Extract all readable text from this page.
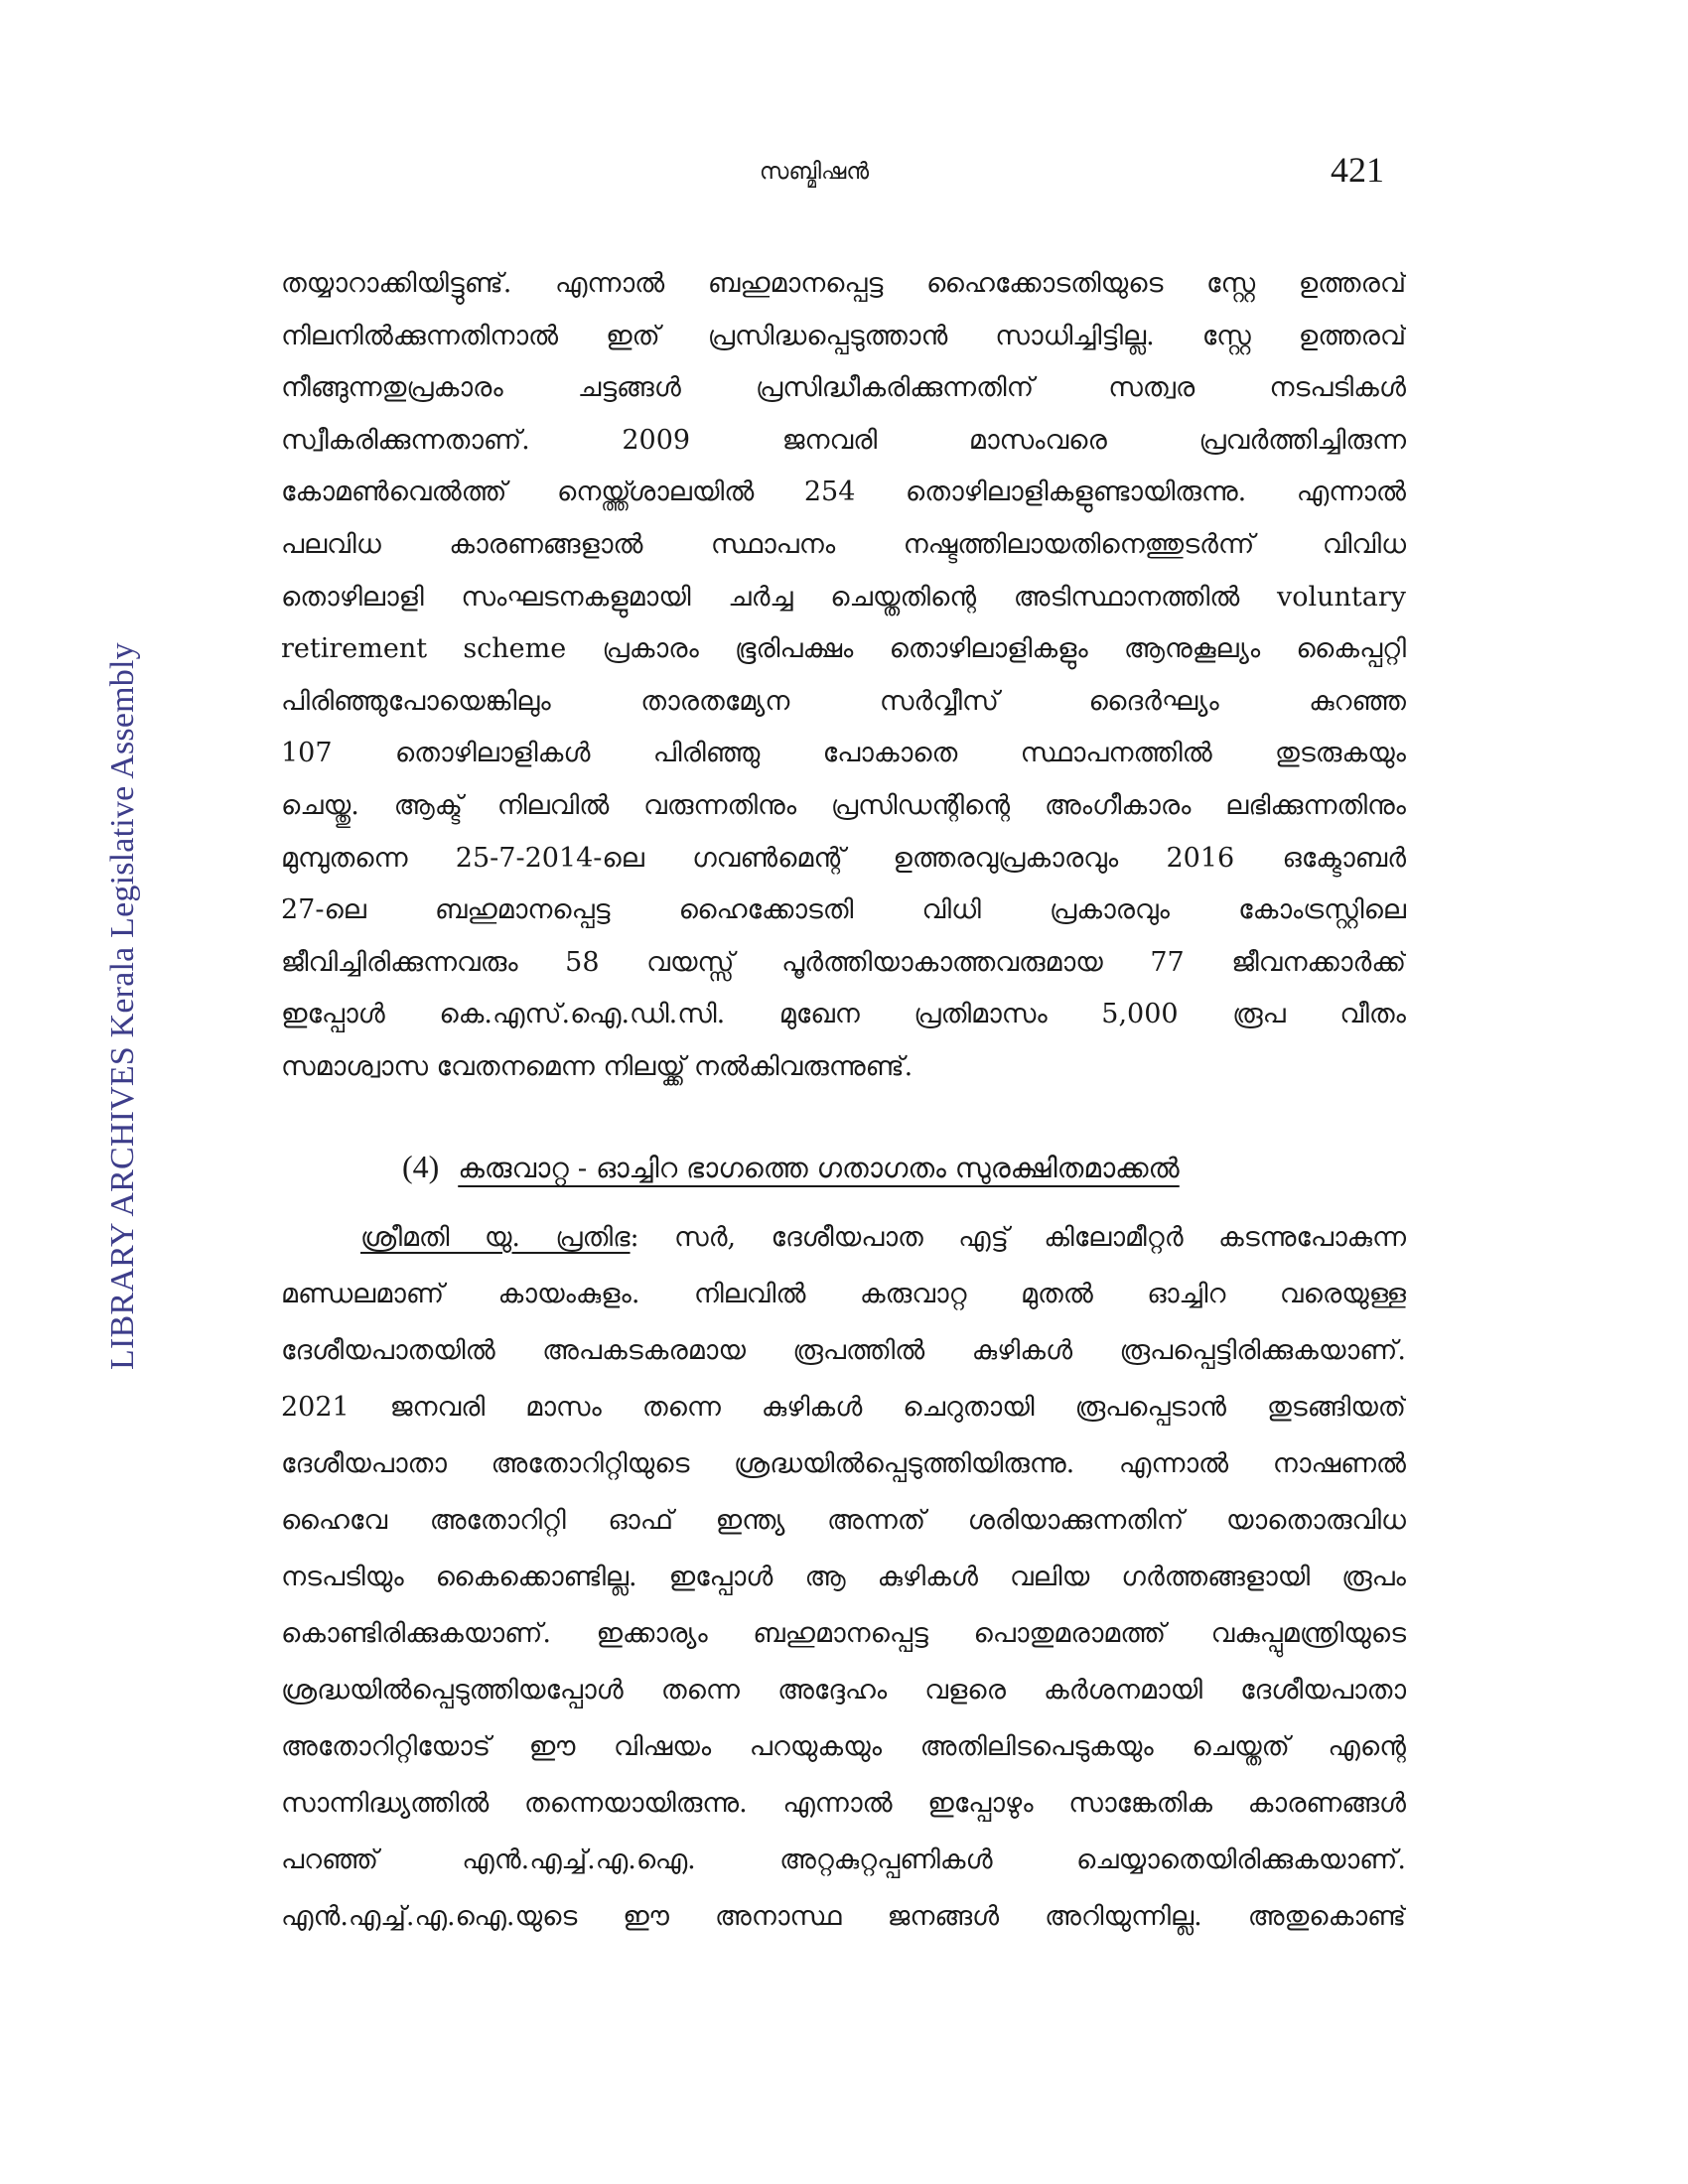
സബ്മിഷൻ	421
LIBRARY ARCHIVES Kerala Legislative Assembly
തയ്യാറാക്കിയിട്ടുണ്ട്. എന്നാൽ ബഹുമാനപ്പെട്ട ഹൈക്കോടതിയുടെ സ്റ്റേ ഉത്തരവ്
നിലനിൽക്കുന്നതിനാൽ ഇത് പ്രസിദ്ധപ്പെടുത്താൻ സാധിച്ചിട്ടില്ല. സ്റ്റേ ഉത്തരവ്
നീങ്ങുന്നതുപ്രകാരം ചട്ടങ്ങൾ പ്രസിദ്ധീകരിക്കുന്നതിന് സത്വര നടപടികൾ
സ്വീകരിക്കുന്നതാണ്. 2009 ജനവരി മാസംവരെ പ്രവർത്തിച്ചിരുന്ന
കോമൺവെൽത്ത് നെയ്ത്ത്ശാലയിൽ 254 തൊഴിലാളികളുണ്ടായിരുന്നു. എന്നാൽ
പലവിധ കാരണങ്ങളാൽ സ്ഥാപനം നഷ്ടത്തിലായതിനെത്തുടർന്ന് വിവിധ
തൊഴിലാളി സംഘടനകളുമായി ചർച്ച ചെയ്തതിന്റെ അടിസ്ഥാനത്തിൽ voluntary
retirement scheme പ്രകാരം ഭൂരിപക്ഷം തൊഴിലാളികളും ആനുകൂല്യം കൈപ്പറ്റി
പിരിഞ്ഞുപോയെങ്കിലും താരതമ്യേന സർവ്വീസ് ദൈർഘ്യം കുറഞ്ഞ
107 തൊഴിലാളികൾ പിരിഞ്ഞു പോകാതെ സ്ഥാപനത്തിൽ തുടരുകയും
ചെയ്തു. ആക്ട് നിലവിൽ വരുന്നതിനും പ്രസിഡന്റിന്റെ അംഗീകാരം ലഭിക്കുന്നതിനും
മുമ്പുതന്നെ 25-7-2014-ലെ ഗവൺമെന്റ് ഉത്തരവുപ്രകാരവും 2016 ഒക്ടോബർ
27-ലെ ബഹുമാനപ്പെട്ട ഹൈക്കോടതി വിധി പ്രകാരവും കോംട്രസ്റ്റിലെ
ജീവിച്ചിരിക്കുന്നവരും 58 വയസ്സ് പൂർത്തിയാകാത്തവരുമായ 77 ജീവനക്കാർക്ക്
ഇപ്പോൾ കെ.എസ്.ഐ.ഡി.സി. മുഖേന പ്രതിമാസം 5,000 രൂപ വീതം
സമാശ്വാസ വേതനമെന്ന നിലയ്ക്ക് നൽകിവരുന്നുണ്ട്.
(4) കരുവാറ്റ - ഓച്ചിറ ഭാഗത്തെ ഗതാഗതം സുരക്ഷിതമാക്കൽ
ശ്രീമതി യു. പ്രതിഭ: സർ, ദേശീയപാത എട്ട് കിലോമീറ്റർ കടന്നുപോകുന്ന
മണ്ഡലമാണ് കായംകുളം. നിലവിൽ കരുവാറ്റ മുതൽ ഓച്ചിറ വരെയുള്ള
ദേശീയപാതയിൽ അപകടകരമായ രൂപത്തിൽ കുഴികൾ രൂപപ്പെട്ടിരിക്കുകയാണ്.
2021 ജനവരി മാസം തന്നെ കുഴികൾ ചെറുതായി രൂപപ്പെടാൻ തുടങ്ങിയത്
ദേശീയപാതാ അതോറിറ്റിയുടെ ശ്രദ്ധയിൽപ്പെടുത്തിയിരുന്നു. എന്നാൽ നാഷണൽ
ഹൈവേ അതോറിറ്റി ഓഫ് ഇന്ത്യ അന്നത് ശരിയാക്കുന്നതിന് യാതൊരുവിധ
നടപടിയും കൈക്കൊണ്ടില്ല. ഇപ്പോൾ ആ കുഴികൾ വലിയ ഗർത്തങ്ങളായി രൂപം
കൊണ്ടിരിക്കുകയാണ്. ഇക്കാര്യം ബഹുമാനപ്പെട്ട പൊതുമരാമത്ത് വകുപ്പുമന്ത്രിയുടെ
ശ്രദ്ധയിൽപ്പെടുത്തിയപ്പോൾ തന്നെ അദ്ദേഹം വളരെ കർശനമായി ദേശീയപാതാ
അതോറിറ്റിയോട് ഈ വിഷയം പറയുകയും അതിലിടപെടുകയും ചെയ്തത് എന്റെ
സാന്നിദ്ധ്യത്തിൽ തന്നെയായിരുന്നു. എന്നാൽ ഇപ്പോഴും സാങ്കേതിക കാരണങ്ങൾ
പറഞ്ഞ് എൻ.എച്ച്.എ.ഐ. അറ്റകുറ്റപ്പണികൾ ചെയ്യാതെയിരിക്കുകയാണ്.
എൻ.എച്ച്.എ.ഐ.യുടെ ഈ അനാസ്ഥ ജനങ്ങൾ അറിയുന്നില്ല. അതുകൊണ്ട്
